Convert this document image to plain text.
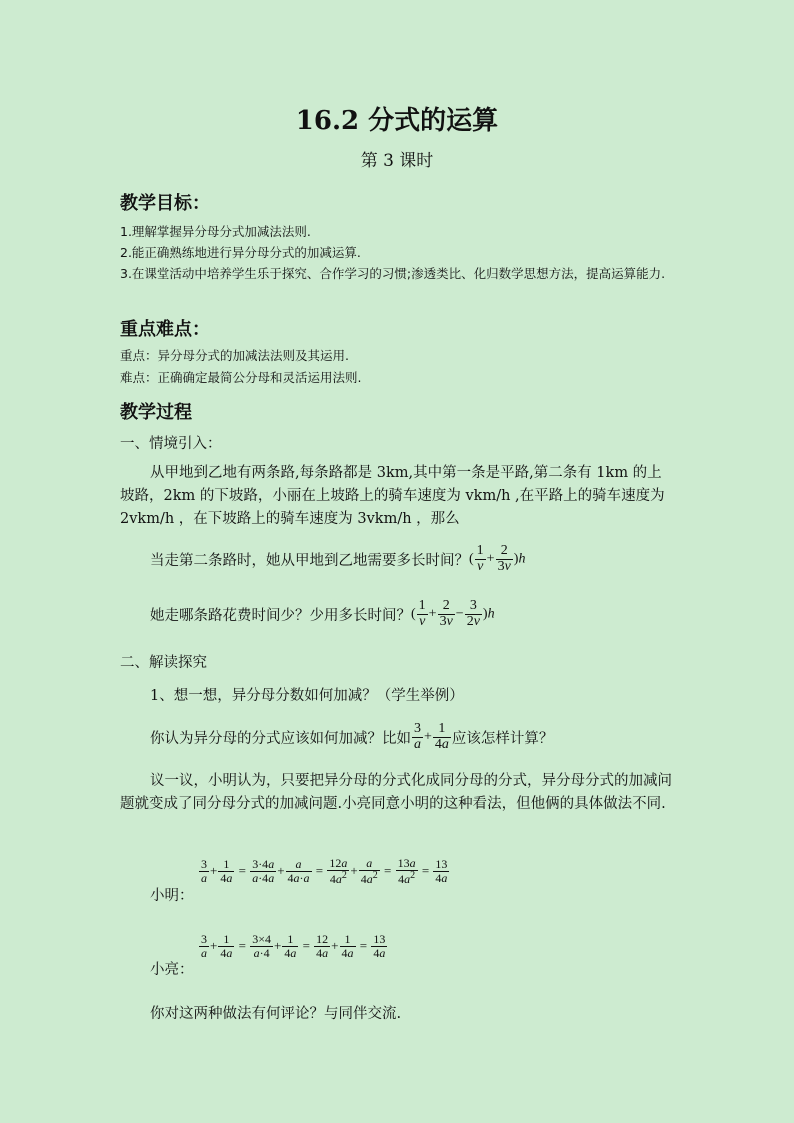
16.2 分式的运算
第 3 课时
教学目标：
1.理解掌握异分母分式加减法法则.
2.能正确熟练地进行异分母分式的加减运算.
3.在课堂活动中培养学生乐于探究、合作学习的习惯;渗透类比、化归数学思想方法，提高运算能力.
重点难点：
重点：异分母分式的加减法法则及其运用.
难点：正确确定最简公分母和灵活运用法则.
教学过程
一、情境引入：
从甲地到乙地有两条路,每条路都是 3km,其中第一条是平路,第二条有 1km 的上坡路，2km 的下坡路，小丽在上坡路上的骑车速度为 vkm/h ,在平路上的骑车速度为 2vkm/h ，在下坡路上的骑车速度为 3vkm/h ，那么
当走第二条路时，她从甲地到乙地需要多长时间？ ( $\frac{1}{v} + \frac{2}{3v} )h$
她走哪条路花费时间少？少用多长时间？ ( $\frac{1}{v} + \frac{2}{3v} - \frac{3}{2v} )h$
二、解读探究
1、想一想，异分母分数如何加减？（学生举例）
你认为异分母的分式应该如何加减？比如 $\frac{3}{a} + \frac{1}{4a}$ 应该怎样计算？
议一议，小明认为，只要把异分母的分式化成同分母的分式，异分母分式的加减问题就变成了同分母分式的加减问题.小亮同意小明的这种看法，但他俩的具体做法不同.
小明：
$\frac{3}{a} + \frac{1}{4a} = \frac{3\cdot 4a}{a\cdot 4a} + \frac{a}{4a\cdot a} = \frac{12a}{4a^2} + \frac{a}{4a^2} = \frac{13a}{4a^2} = \frac{13}{4a}$
小亮：
$\frac{3}{a} + \frac{1}{4a} = \frac{3\times 4}{a\cdot 4} + \frac{1}{4a} = \frac{12}{4a} + \frac{1}{4a} = \frac{13}{4a}$
你对这两种做法有何评论？与同伴交流.
